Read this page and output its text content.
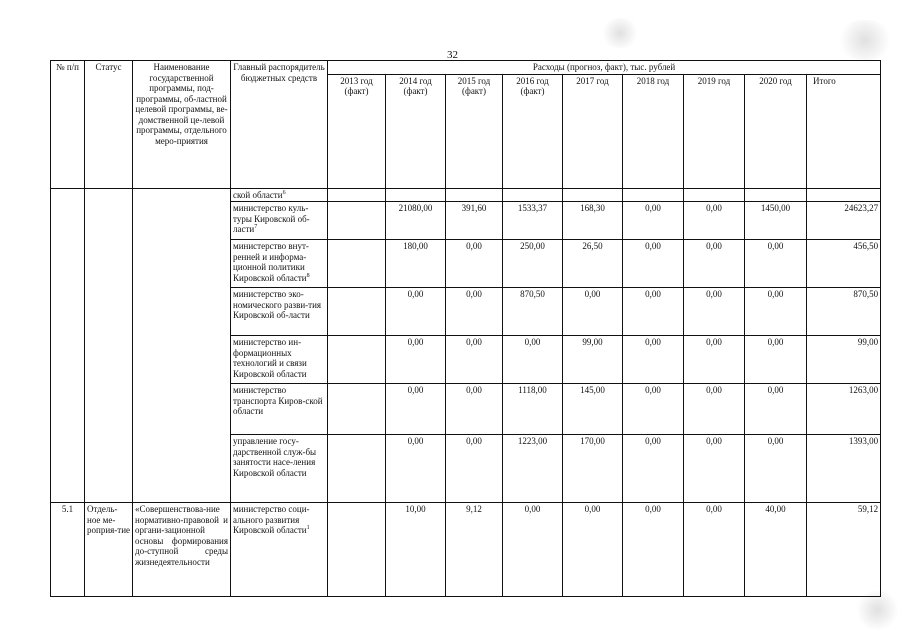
32
№ п/п	Статус	Наименование государственной программы, под-программы, об-ластной целевой программы, ве-домственной це-левой программы, отдельного меро-приятия	Главный распорядитель бюджетных средств	Расходы (прогноз, факт), тыс. рублей								
				2013 год (факт)	2014 год (факт)	2015 год (факт)	2016 год (факт)	2017 год	2018 год	2019 год	2020 год	Итого
			ской области$^6$									
			министерство куль-туры Кировской об-ласти$^7$		21080,00	391,60	1533,37	168,30	0,00	0,00	1450,00	24623,27
			министерство внут-ренней и информа-ционной политики Кировской области$^8$		180,00	0,00	250,00	26,50	0,00	0,00	0,00	456,50
			министерство эко-номического разви-тия Кировской об-ласти		0,00	0,00	870,50	0,00	0,00	0,00	0,00	870,50
			министерство ин-формационных технологий и связи Кировской области		0,00	0,00	0,00	99,00	0,00	0,00	0,00	99,00
			министерство транспорта Киров-ской области		0,00	0,00	1118,00	145,00	0,00	0,00	0,00	1263,00
			управление госу-дарственной служ-бы занятости насе-ления Кировской области		0,00	0,00	1223,00	170,00	0,00	0,00	0,00	1393,00
5.1	Отдель-ное ме-роприя-тие	«Совершенствова-ние нормативно-правовой и органи-зационной основы формирования до-ступной среды жизнедеятельности	министерство соци-ального развития Кировской области$^1$		10,00	9,12	0,00	0,00	0,00	0,00	40,00	59,12
